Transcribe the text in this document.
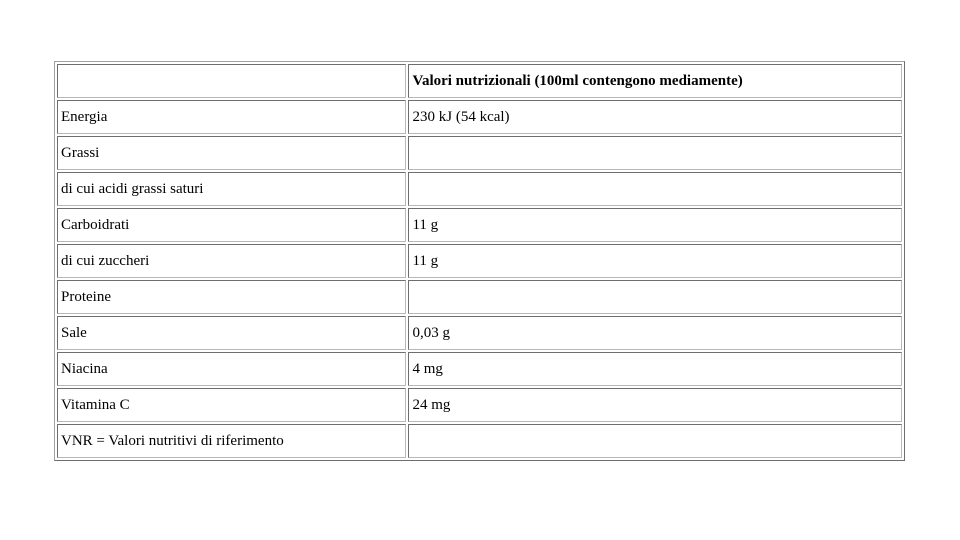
	Valori nutrizionali (100ml contengono mediamente)
Energia	230 kJ (54 kcal)
Grassi	
di cui acidi grassi saturi	
Carboidrati	11 g
di cui zuccheri	11 g
Proteine	
Sale	0,03 g
Niacina	4 mg
Vitamina C	24 mg
VNR = Valori nutritivi di riferimento	
